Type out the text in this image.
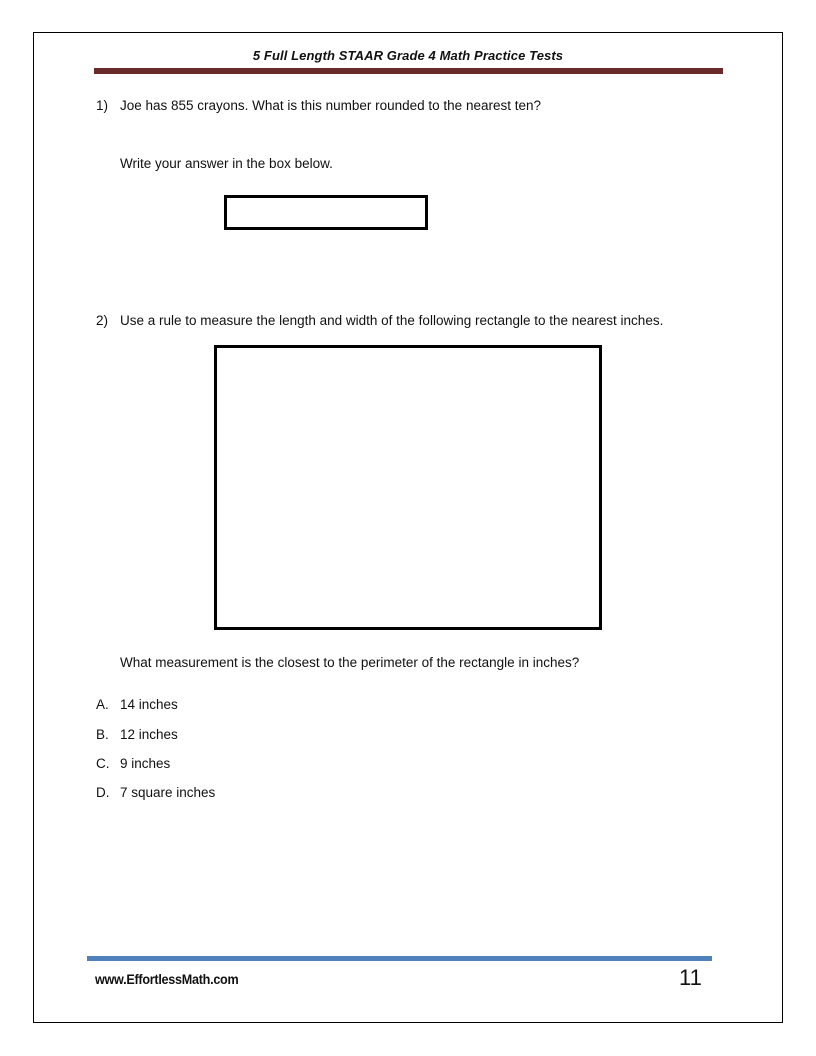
5 Full Length STAAR Grade 4 Math Practice Tests
1) Joe has 855 crayons. What is this number rounded to the nearest ten?
Write your answer in the box below.
2) Use a rule to measure the length and width of the following rectangle to the nearest inches.
What measurement is the closest to the perimeter of the rectangle in inches?
A. 14 inches
B. 12 inches
C. 9 inches
D. 7 square inches
www.EffortlessMath.com	11
